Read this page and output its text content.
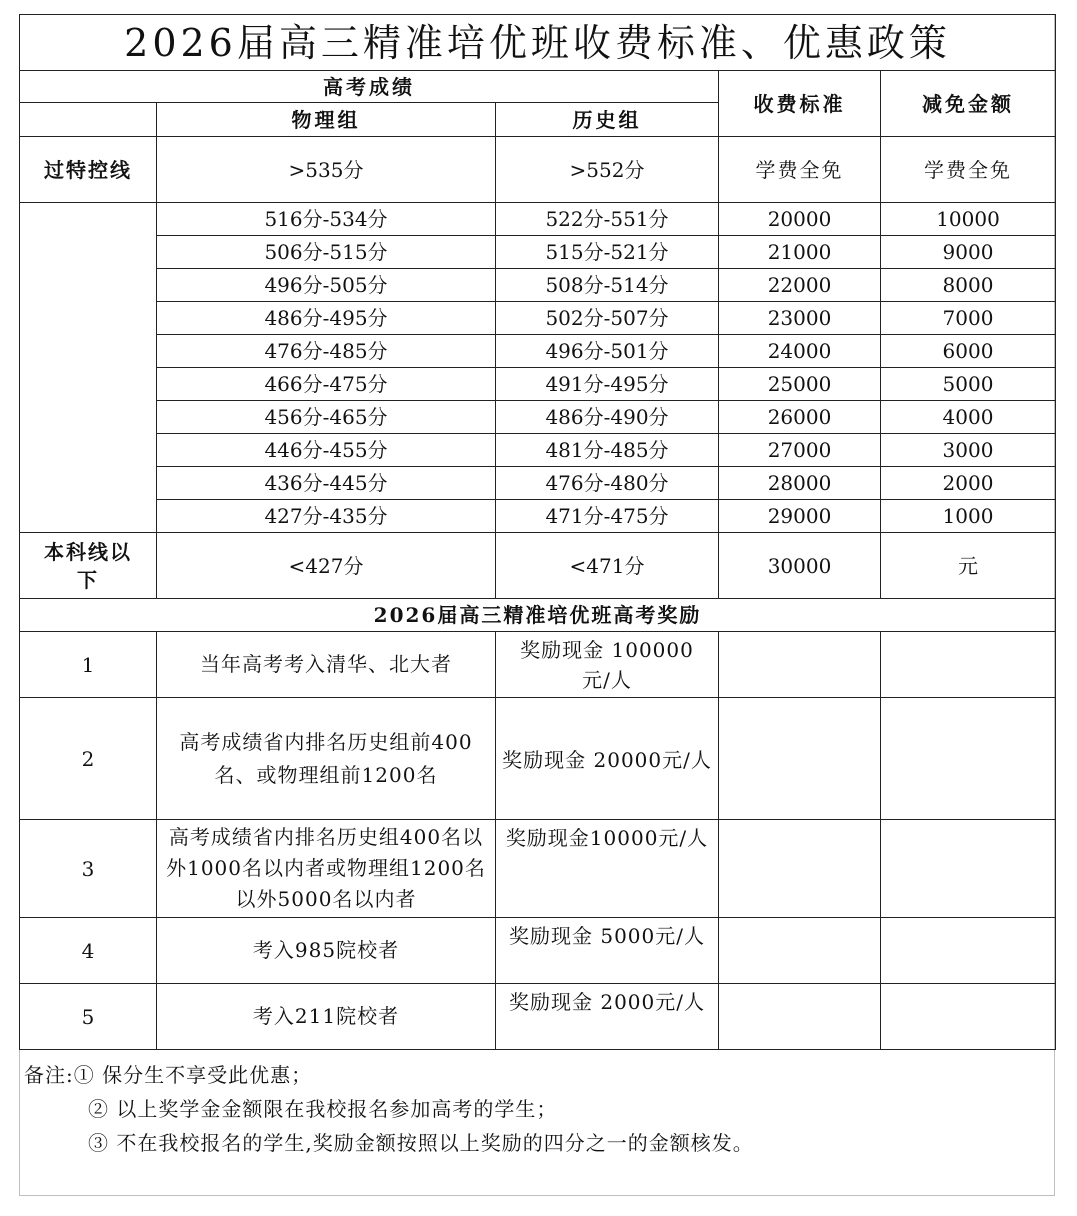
2026届高三精准培优班收费标准、优惠政策				
高考成绩			收费标准	减免金额
	物理组	历史组		
过特控线	>535分	>552分	学费全免	学费全免
	516分-534分	522分-551分	20000	10000
	506分-515分	515分-521分	21000	9000
	496分-505分	508分-514分	22000	8000
	486分-495分	502分-507分	23000	7000
	476分-485分	496分-501分	24000	6000
	466分-475分	491分-495分	25000	5000
	456分-465分	486分-490分	26000	4000
	446分-455分	481分-485分	27000	3000
	436分-445分	476分-480分	28000	2000
	427分-435分	471分-475分	29000	1000
本科线以下	<427分	<471分	30000	元
2026届高三精准培优班高考奖励				
1	当年高考考入清华、北大者	奖励现金 100000元/人		
2	高考成绩省内排名历史组前400名、或物理组前1200名	奖励现金 20000元/人		
3	高考成绩省内排名历史组400名以外1000名以内者或物理组1200名以外5000名以内者	奖励现金10000元/人		
4	考入985院校者	奖励现金 5000元/人		
5	考入211院校者	奖励现金 2000元/人		
备注:① 保分生不享受此优惠；
② 以上奖学金金额限在我校报名参加高考的学生；
③ 不在我校报名的学生,奖励金额按照以上奖励的四分之一的金额核发。
